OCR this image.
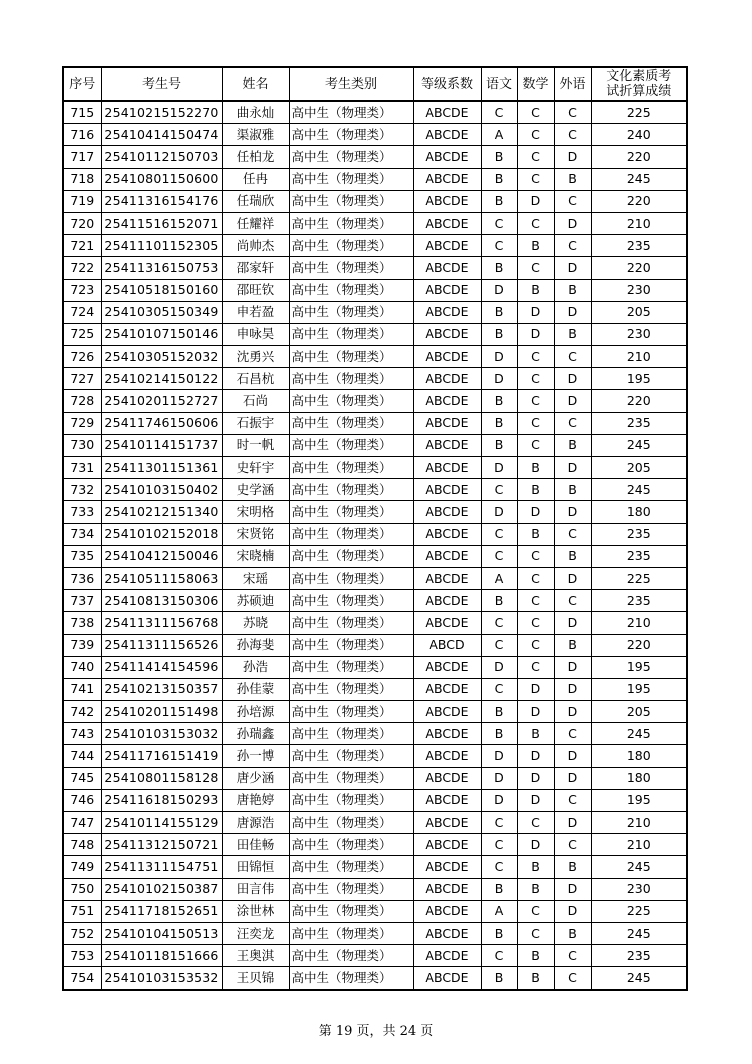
序号	考生号	姓名	考生类别	等级系数	语文	数学	外语	文化素质考
试折算成绩

715	25410215152270	曲永灿	高中生（物理类）	ABCDE	C	C	C	225
716	25410414150474	渠淑雅	高中生（物理类）	ABCDE	A	C	C	240
717	25410112150703	任柏龙	高中生（物理类）	ABCDE	B	C	D	220
718	25410801150600	任冉	高中生（物理类）	ABCDE	B	C	B	245
719	25411316154176	任瑞欣	高中生（物理类）	ABCDE	B	D	C	220
720	25411516152071	任耀祥	高中生（物理类）	ABCDE	C	C	D	210
721	25411101152305	尚帅杰	高中生（物理类）	ABCDE	C	B	C	235
722	25411316150753	邵家轩	高中生（物理类）	ABCDE	B	C	D	220
723	25410518150160	邵旺钦	高中生（物理类）	ABCDE	D	B	B	230
724	25410305150349	申若盈	高中生（物理类）	ABCDE	B	D	D	205
725	25410107150146	申咏昊	高中生（物理类）	ABCDE	B	D	B	230
726	25410305152032	沈勇兴	高中生（物理类）	ABCDE	D	C	C	210
727	25410214150122	石昌杭	高中生（物理类）	ABCDE	D	C	D	195
728	25410201152727	石尚	高中生（物理类）	ABCDE	B	C	D	220
729	25411746150606	石振宇	高中生（物理类）	ABCDE	B	C	C	235
730	25410114151737	时一帆	高中生（物理类）	ABCDE	B	C	B	245
731	25411301151361	史轩宇	高中生（物理类）	ABCDE	D	B	D	205
732	25410103150402	史学涵	高中生（物理类）	ABCDE	C	B	B	245
733	25410212151340	宋明格	高中生（物理类）	ABCDE	D	D	D	180
734	25410102152018	宋贤铭	高中生（物理类）	ABCDE	C	B	C	235
735	25410412150046	宋晓楠	高中生（物理类）	ABCDE	C	C	B	235
736	25410511158063	宋瑶	高中生（物理类）	ABCDE	A	C	D	225
737	25410813150306	苏硕迪	高中生（物理类）	ABCDE	B	C	C	235
738	25411311156768	苏晓	高中生（物理类）	ABCDE	C	C	D	210
739	25411311156526	孙海斐	高中生（物理类）	ABCD	C	C	B	220
740	25411414154596	孙浩	高中生（物理类）	ABCDE	D	C	D	195
741	25410213150357	孙佳蒙	高中生（物理类）	ABCDE	C	D	D	195
742	25410201151498	孙培源	高中生（物理类）	ABCDE	B	D	D	205
743	25410103153032	孙瑞鑫	高中生（物理类）	ABCDE	B	B	C	245
744	25411716151419	孙一博	高中生（物理类）	ABCDE	D	D	D	180
745	25410801158128	唐少涵	高中生（物理类）	ABCDE	D	D	D	180
746	25411618150293	唐艳婷	高中生（物理类）	ABCDE	D	D	C	195
747	25410114155129	唐源浩	高中生（物理类）	ABCDE	C	C	D	210
748	25411312150721	田佳畅	高中生（物理类）	ABCDE	C	D	C	210
749	25411311154751	田锦恒	高中生（物理类）	ABCDE	C	B	B	245
750	25410102150387	田言伟	高中生（物理类）	ABCDE	B	B	D	230
751	25411718152651	涂世林	高中生（物理类）	ABCDE	A	C	D	225
752	25410104150513	汪奕龙	高中生（物理类）	ABCDE	B	C	B	245
753	25410118151666	王奥淇	高中生（物理类）	ABCDE	C	B	C	235
754	25410103153532	王贝锦	高中生（物理类）	ABCDE	B	B	C	245
第 19 页，共 24 页
